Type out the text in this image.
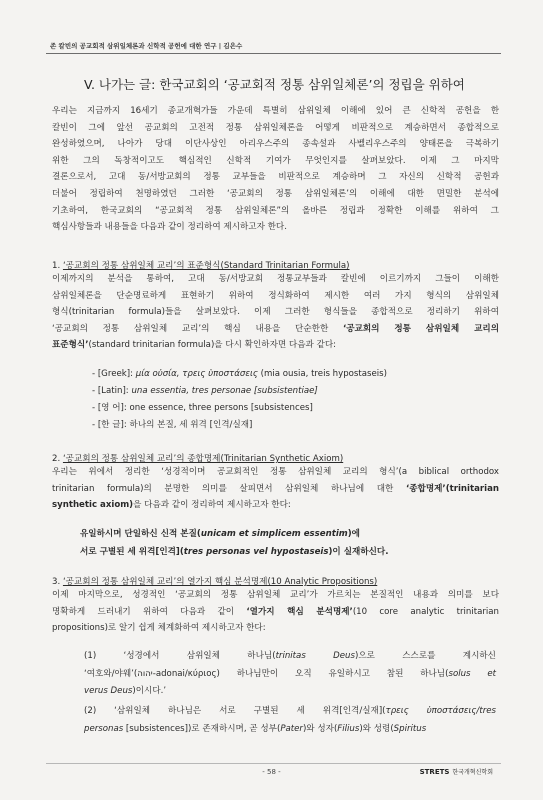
존 칼빈의 공교회적 삼위일체론과 신학적 공헌에 대한 연구 | 김은수
V. 나가는 글: 한국교회의 ‘공교회적 정통 삼위일체론’의 정립을 위하여
우리는 지금까지 16세기 종교개혁가들 가운데 특별히 삼위일체 이해에 있어 큰 신학적 공헌을 한
칼빈이 그에 앞선 공교회의 고전적 정통 삼위일체론을 어떻게 비판적으로 계승하면서 종합적으로
완성하였으며, 나아가 당대 이단사상인 아리우스주의 종속설과 사벨리우스주의 양태론을 극복하기
위한 그의 독창적이고도 핵심적인 신학적 기여가 무엇인지를 살펴보았다. 이제 그 마지막
결론으로서, 고대 동/서방교회의 정통 교부들을 비판적으로 계승하며 그 자신의 신학적 공헌과
더불어 정립하여 천명하였던 그러한 ‘공교회의 정통 삼위일체론’의 이해에 대한 면밀한 분석에
기초하여, 한국교회의 “공교회적 정통 삼위일체론”의 올바른 정립과 정확한 이해를 위하여 그
핵심사항들과 내용들을 다음과 같이 정리하여 제시하고자 한다.
1. ‘공교회의 정통 삼위일체 교리’의 표준형식(Standard Trinitarian Formula)
이제까지의 분석을 통하여, 고대 동/서방교회 정통교부들과 칼빈에 이르기까지 그들이 이해한
삼위일체론을 단순명료하게 표현하기 위하여 정식화하여 제시한 여러 가지 형식의 삼위일체
형식(trinitarian formula)들을 살펴보았다. 이제 그러한 형식들을 종합적으로 정리하기 위하여
‘공교회의 정통 삼위일체 교리’의 핵심 내용을 단순한한 ‘공교회의 정통 삼위일체 교리의
표준형식’(standard trinitarian formula)을 다시 확인하자면 다음과 같다:
- [Greek]: μία οὐσία, τρεις ὑποστάσεις (mia ousia, treis hypostaseis)
- [Latin]: una essentia, tres personae [subsistentiae]
- [영 어]: one essence, three persons [subsistences]
- [한 글]: 하나의 본질, 세 위격 [인격/실재]
2. ‘공교회의 정통 삼위일체 교리’의 종합명제(Trinitarian Synthetic Axiom)
우리는 위에서 정리한 ‘성경적이며 공교회적인 정통 삼위일체 교리의 형식’(a biblical orthodox
trinitarian formula)의 분명한 의미를 살피면서 삼위일체 하나님에 대한 ‘종합명제’(trinitarian
synthetic axiom)을 다음과 같이 정리하여 제시하고자 한다:
유일하시며 단일하신 신적 본질(unicam et simplicem essentim)에
서로 구별된 세 위격[인격](tres personas vel hypostaseis)이 실재하신다.
3. ‘공교회의 정통 삼위일체 교리’의 열가지 핵심 분석명제(10 Analytic Propositions)
이제 마지막으로, 성경적인 ‘공교회의 정통 삼위일체 교리’가 가르치는 본질적인 내용과 의미를 보다
명확하게 드러내기 위하여 다음과 같이 ‘열가지 핵심 분석명제’(10 core analytic trinitarian
propositions)로 알기 쉽게 체계화하여 제시하고자 한다:
(1) ‘성경에서 삼위일체 하나님(trinitas Deus)으로 스스로를 계시하신
‘여호와/야웨’(יהוה-adonai/κύριος) 하나님만이 오직 유일하시고 참된 하나님(solus et
verus Deus)이시다.’
(2) ‘삼위일체 하나님은 서로 구별된 세 위격[인격/실재](τρεις ὑποστάσεις/tres
personas [subsistences])로 존재하시며, 곧 성부(Pater)와 성자(Filius)와 성령(Spiritus
- 58 -	STRETS 한국개혁신학회
